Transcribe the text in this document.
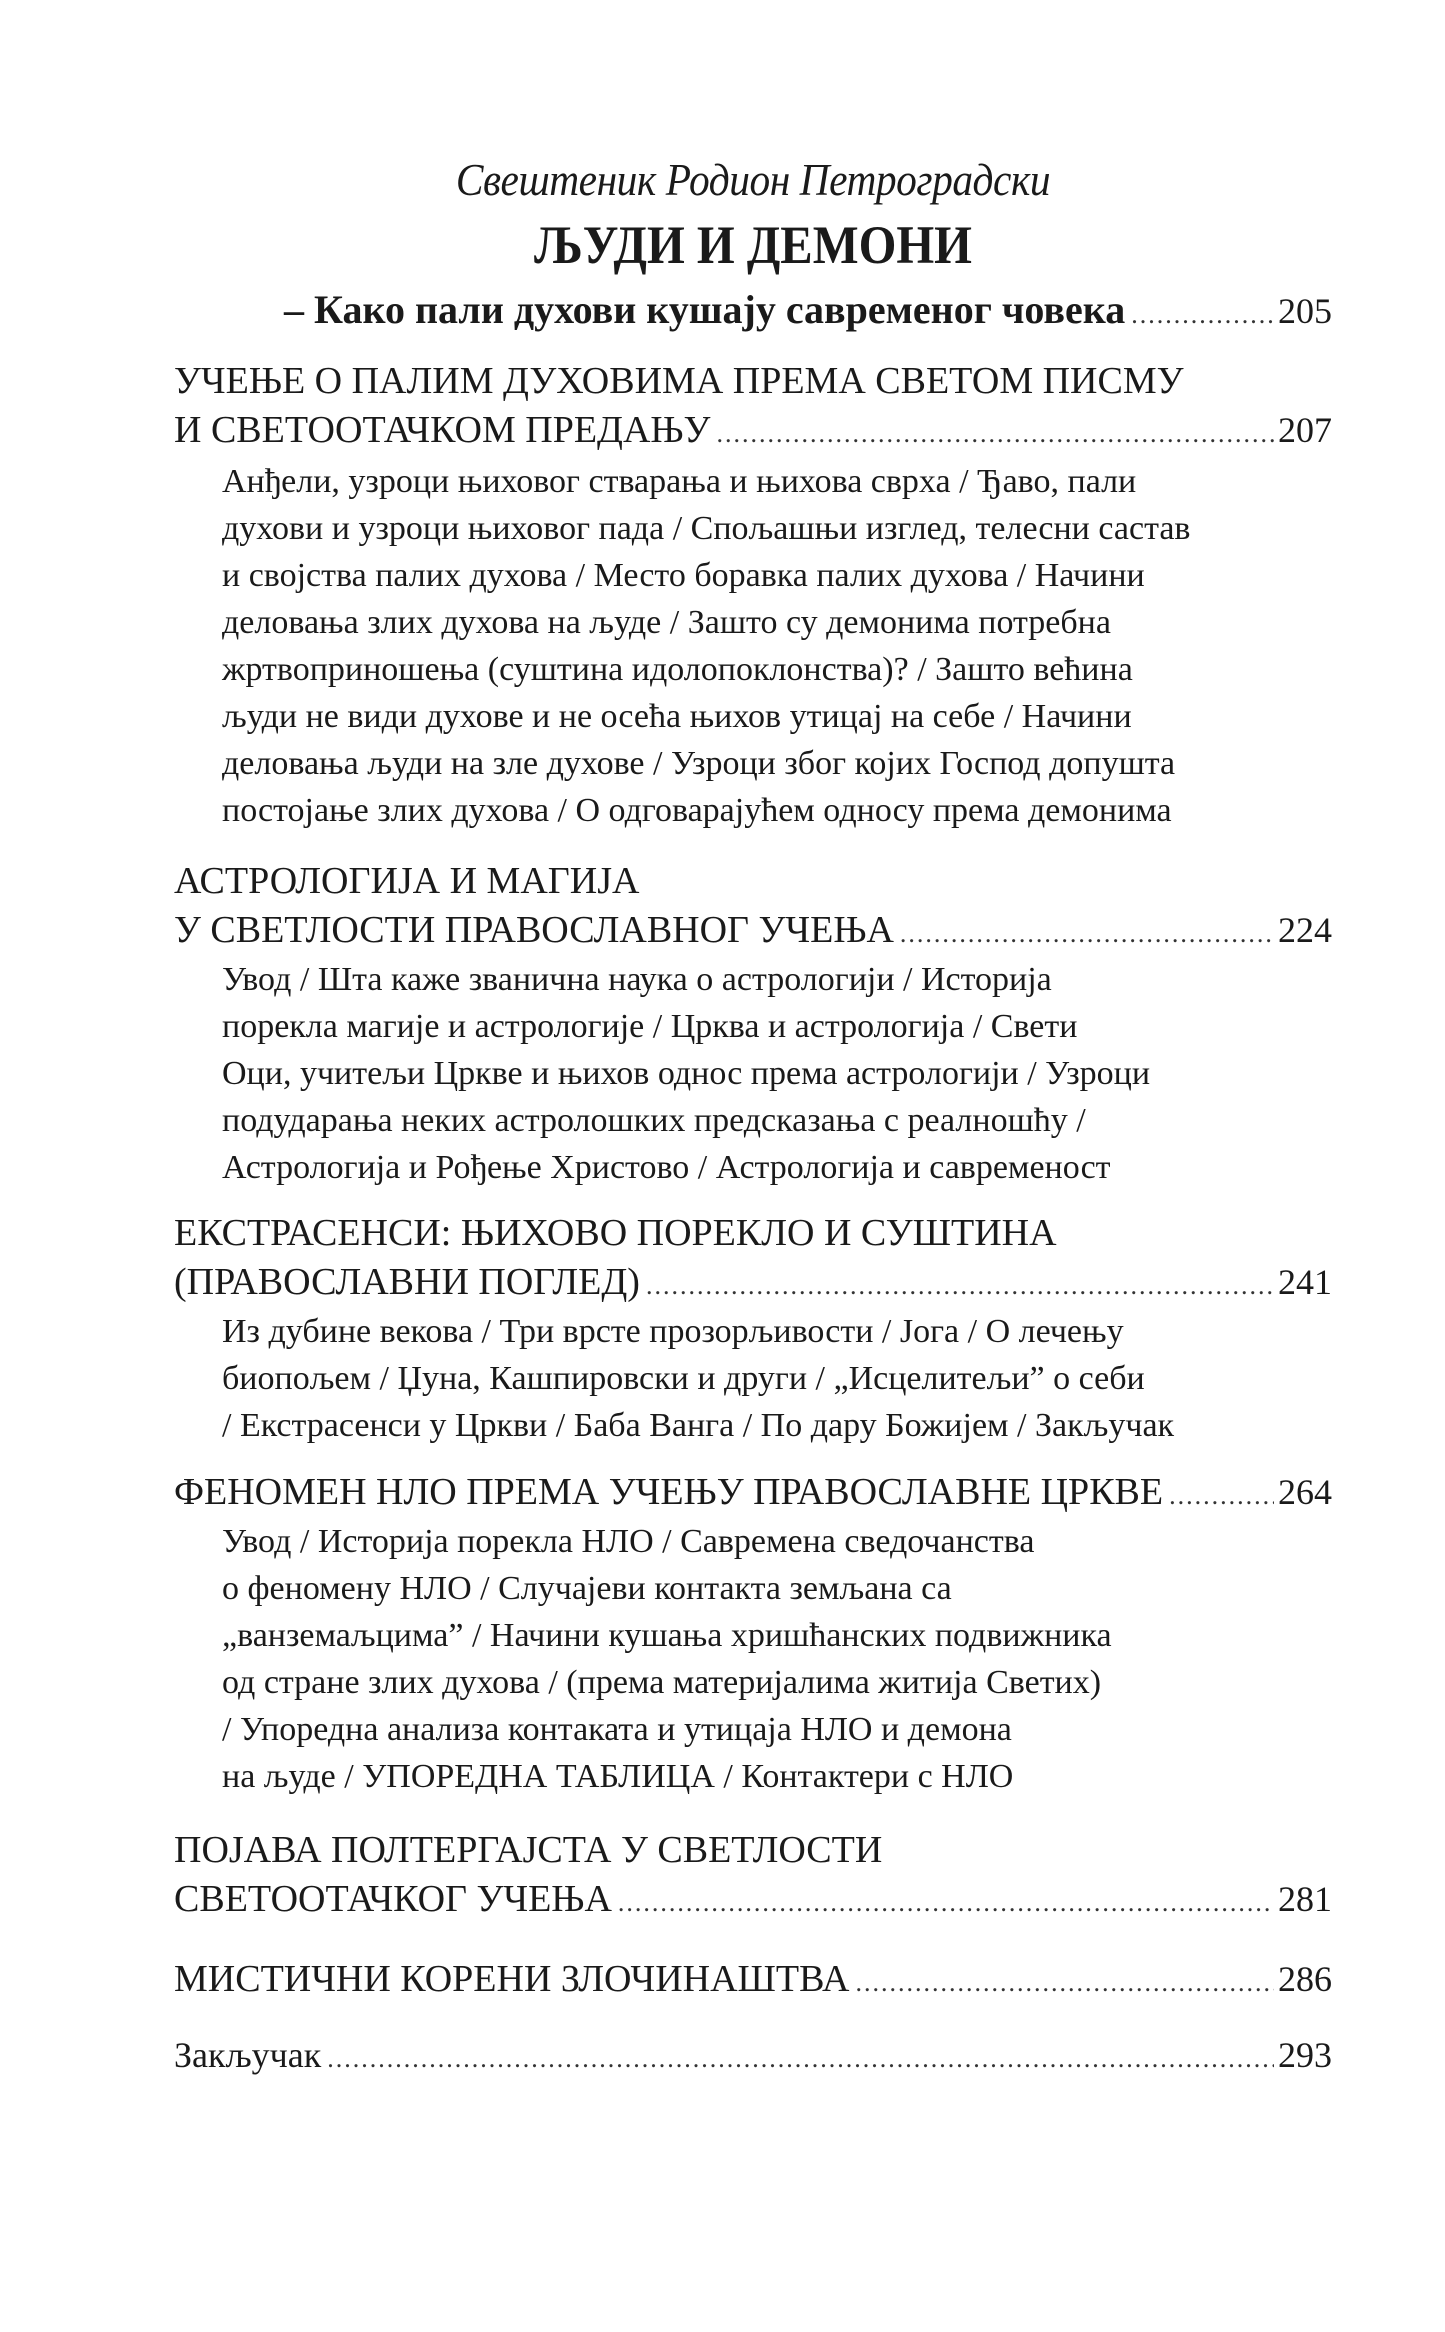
Свештеник Родион Петроградски
ЉУДИ И ДЕМОНИ
– Како пали духови кушају савременог човека .....	205
УЧЕЊЕ О ПАЛИМ ДУХОВИМА ПРЕМА СВЕТОМ ПИСМУ
И СВЕТООТАЧКОМ ПРЕДАЊУ .....	207
Анђели, узроци њиховог стварања и њихова сврха / Ђаво, пали
духови и узроци њиховог пада / Спољашњи изглед, телесни састав
и својства палих духова / Место боравка палих духова / Начини
деловања злих духова на људе / Зашто су демонима потребна
жртвоприношења (суштина идолопоклонства)? / Зашто већина
људи не види духове и не осећа њихов утицај на себе / Начини
деловања људи на зле духове / Узроци због којих Господ допушта
постојање злих духова / О одговарајућем односу према демонима
АСТРОЛОГИЈА И МАГИЈА
У СВЕТЛОСТИ ПРАВОСЛАВНОГ УЧЕЊА .....	224
Увод / Шта каже званична наука о астрологији / Историја
порекла магије и астрологије / Црква и астрологија / Свети
Оци, учитељи Цркве и њихов однос према астрологији / Узроци
подударања неких астролошких предсказања с реалношћу /
Астрологија и Рођење Христово / Астрологија и савременост
ЕКСТРАСЕНСИ: ЊИХОВО ПОРЕКЛО И СУШТИНА
(ПРАВОСЛАВНИ ПОГЛЕД) .....	241
Из дубине векова / Три врсте прозорљивости / Јога / О лечењу
биопољем / Џуна, Кашпировски и други / „Исцелитељи” о себи
/ Екстрасенси у Цркви / Баба Ванга / По дару Божијем / Закључак
ФЕНОМЕН НЛО ПРЕМА УЧЕЊУ ПРАВОСЛАВНЕ ЦРКВЕ .....	264
Увод / Историја порекла НЛО / Савремена сведочанства
о феномену НЛО / Случајеви контакта земљана са
„ванземаљцима” / Начини кушања хришћанских подвижника
од стране злих духова / (према материјалима житија Светих)
/ Упоредна анализа контаката и утицаја НЛО и демона
на људе / УПОРЕДНА ТАБЛИЦА / Контактери с НЛО
ПОЈАВА ПОЛТЕРГАЈСТА У СВЕТЛОСТИ
СВЕТООТАЧКОГ УЧЕЊА .....	281
МИСТИЧНИ КОРЕНИ ЗЛОЧИНАШТВА .....	286
Закључак .....	293
